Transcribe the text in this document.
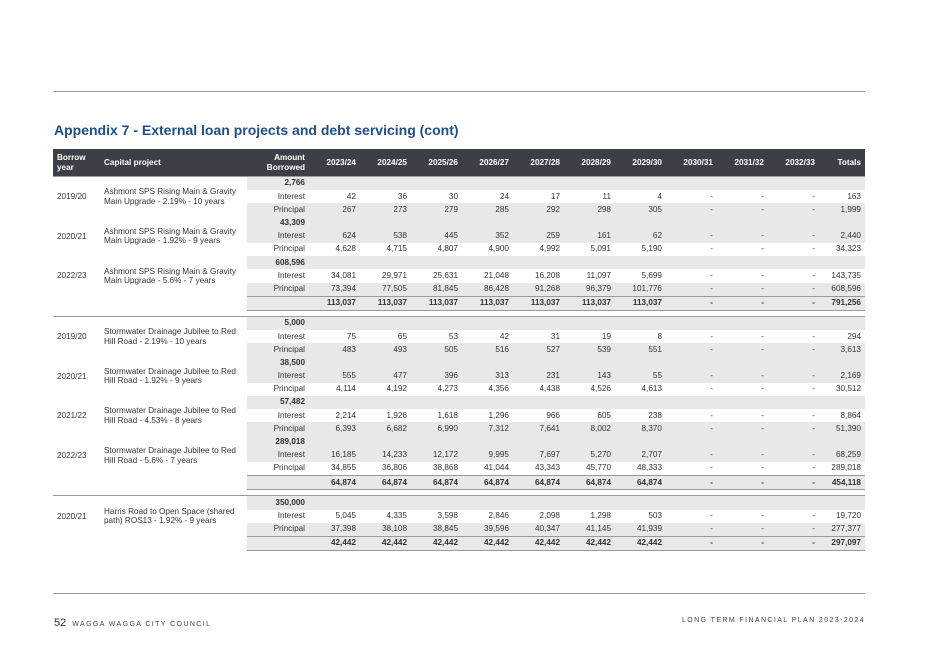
Appendix 7 - External loan projects and debt servicing (cont)
Borrow year	Capital project	Amount Borrowed	2023/24	2024/25	2025/26	2026/27	2027/28	2028/29	2029/30	2030/31	2031/32	2032/33	Totals
2019/20	Ashmont SPS Rising Main & Gravity Main Upgrade - 2.19% - 10 years	2,766											
		Interest	42	36	30	24	17	11	4	-	-	-	163
		Principal	267	273	279	285	292	298	305	-	-	-	1,999
2020/21	Ashmont SPS Rising Main & Gravity Main Upgrade - 1.92% - 9 years	43,309											
		Interest	624	538	445	352	259	161	62	-	-	-	2,440
		Principal	4,628	4,715	4,807	4,900	4,992	5,091	5,190	-	-	-	34,323
2022/23	Ashmont SPS Rising Main & Gravity Main Upgrade - 5.6% - 7 years	608,596											
		Interest	34,081	29,971	25,631	21,048	16,208	11,097	5,699	-	-	-	143,735
		Principal	73,394	77,505	81,845	86,428	91,268	96,379	101,776	-	-	-	608,596
			113,037	113,037	113,037	113,037	113,037	113,037	113,037	-	-	-	791,256

2019/20	Stormwater Drainage Jubilee to Red Hill Road - 2.19% - 10 years	5,000											
		Interest	75	65	53	42	31	19	8	-	-	-	294
		Principal	483	493	505	516	527	539	551	-	-	-	3,613
2020/21	Stormwater Drainage Jubilee to Red Hill Road - 1.92% - 9 years	38,500											
		Interest	555	477	396	313	231	143	55	-	-	-	2,169
		Principal	4,114	4,192	4,273	4,356	4,438	4,526	4,613	-	-	-	30,512
2021/22	Stormwater Drainage Jubilee to Red Hill Road - 4.53% - 8 years	57,482											
		Interest	2,214	1,926	1,618	1,296	966	605	238	-	-	-	8,864
		Principal	6,393	6,682	6,990	7,312	7,641	8,002	8,370	-	-	-	51,390
2022/23	Stormwater Drainage Jubilee to Red Hill Road - 5.6% - 7 years	289,018											
		Interest	16,185	14,233	12,172	9,995	7,697	5,270	2,707	-	-	-	68,259
		Principal	34,855	36,806	38,868	41,044	43,343	45,770	48,333	-	-	-	289,018
			64,874	64,874	64,874	64,874	64,874	64,874	64,874	-	-	-	454,118

2020/21	Harris Road to Open Space (shared path) ROS13 - 1.92% - 9 years	350,000											
		Interest	5,045	4,335	3,598	2,846	2,098	1,298	503	-	-	-	19,720
		Principal	37,398	38,108	38,845	39,596	40,347	41,145	41,939	-	-	-	277,377
			42,442	42,442	42,442	42,442	42,442	42,442	42,442	-	-	-	297,097
52 WAGGA WAGGA CITY COUNCIL
LONG TERM FINANCIAL PLAN 2023-2024
